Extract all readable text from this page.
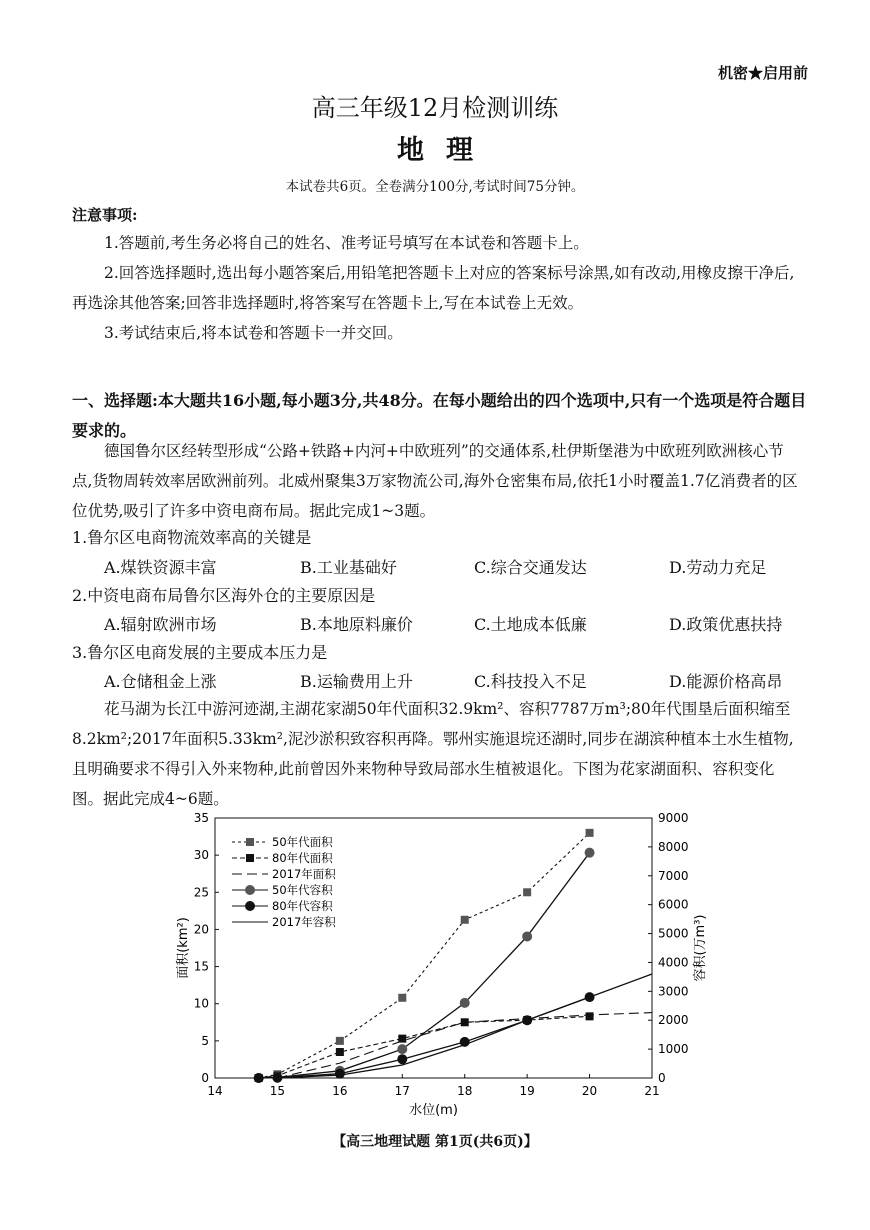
机密★启用前
高三年级12月检测训练
地理
本试卷共6页。全卷满分100分,考试时间75分钟。
注意事项:
1.答题前,考生务必将自己的姓名、准考证号填写在本试卷和答题卡上。
2.回答选择题时,选出每小题答案后,用铅笔把答题卡上对应的答案标号涂黑,如有改动,用橡皮擦干净后,再选涂其他答案;回答非选择题时,将答案写在答题卡上,写在本试卷上无效。
3.考试结束后,将本试卷和答题卡一并交回。
一、选择题:本大题共16小题,每小题3分,共48分。在每小题给出的四个选项中,只有一个选项是符合题目要求的。
德国鲁尔区经转型形成“公路+铁路+内河+中欧班列”的交通体系,杜伊斯堡港为中欧班列欧洲核心节点,货物周转效率居欧洲前列。北威州聚集3万家物流公司,海外仓密集布局,依托1小时覆盖1.7亿消费者的区位优势,吸引了许多中资电商布局。据此完成1~3题。
1.鲁尔区电商物流效率高的关键是
A.煤铁资源丰富	B.工业基础好	C.综合交通发达	D.劳动力充足
2.中资电商布局鲁尔区海外仓的主要原因是
A.辐射欧洲市场	B.本地原料廉价	C.土地成本低廉	D.政策优惠扶持
3.鲁尔区电商发展的主要成本压力是
A.仓储租金上涨	B.运输费用上升	C.科技投入不足	D.能源价格高昂
花马湖为长江中游河迹湖,主湖花家湖50年代面积32.9km²、容积7787万m³;80年代围垦后面积缩至8.2km²;2017年面积5.33km²,泥沙淤积致容积再降。鄂州实施退垸还湖时,同步在湖滨种植本土水生植物,且明确要求不得引入外来物种,此前曾因外来物种导致局部水生植被退化。下图为花家湖面积、容积变化图。据此完成4~6题。
14	15	16	17	18	19	20	21
0
5
10
15
20
25
30
35
0
1000
2000
3000
4000
5000
6000
7000
8000
9000
水位(m)
面积(km²)	容积(万m³)
50年代面积
80年代面积
2017年面积
50年代容积
80年代容积
2017年容积
【高三地理试题 第1页(共6页)】
